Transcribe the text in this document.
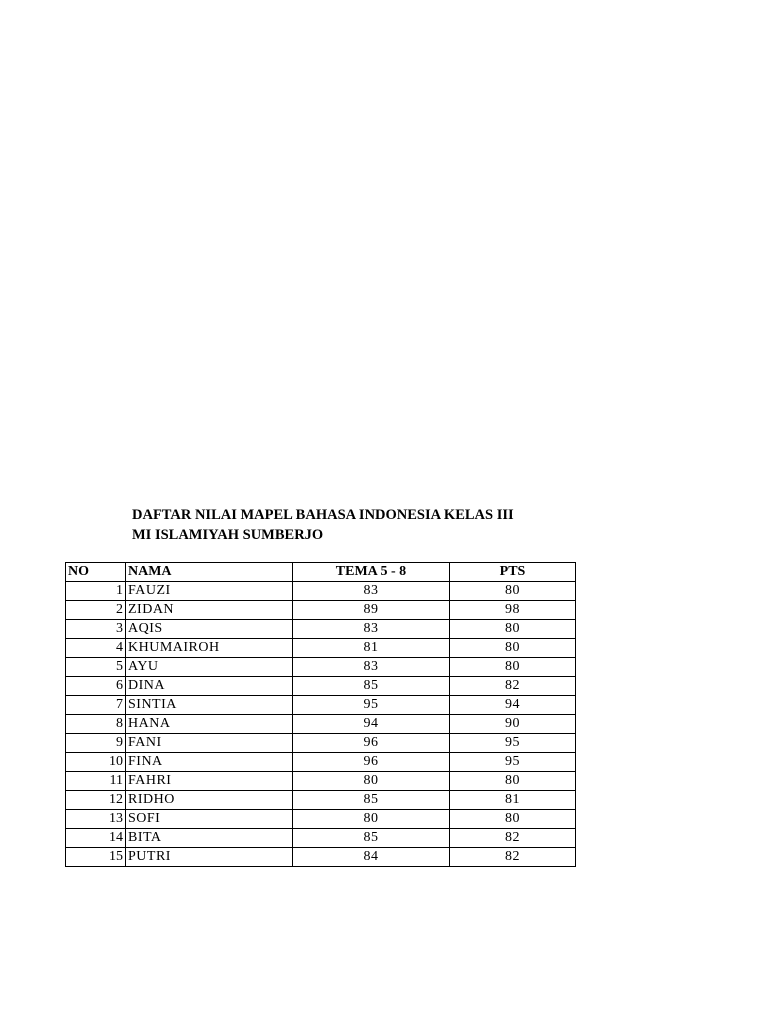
DAFTAR NILAI MAPEL BAHASA INDONESIA KELAS III
MI ISLAMIYAH SUMBERJO
NO	NAMA	TEMA 5 - 8	PTS
1	FAUZI	83	80
2	ZIDAN	89	98
3	AQIS	83	80
4	KHUMAIROH	81	80
5	AYU	83	80
6	DINA	85	82
7	SINTIA	95	94
8	HANA	94	90
9	FANI	96	95
10	FINA	96	95
11	FAHRI	80	80
12	RIDHO	85	81
13	SOFI	80	80
14	BITA	85	82
15	PUTRI	84	82
